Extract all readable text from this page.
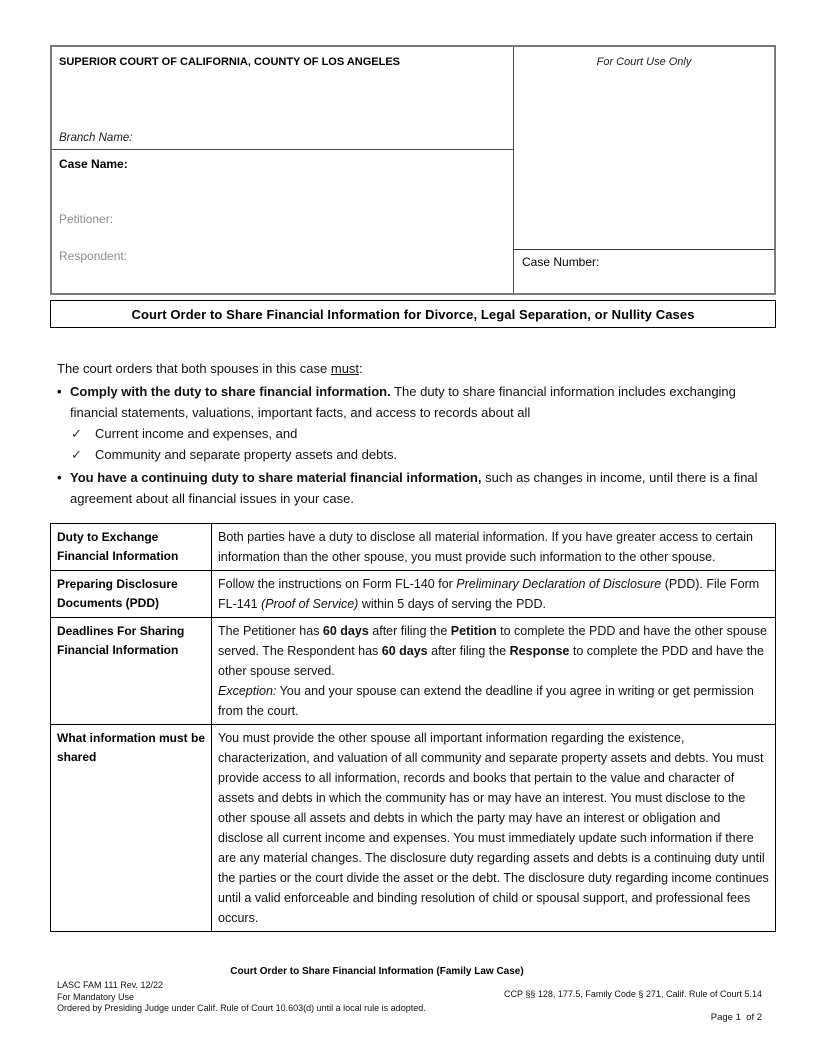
SUPERIOR COURT OF CALIFORNIA, COUNTY OF LOS ANGELES
Branch Name:
Case Name:
Petitioner:
Respondent:
For Court Use Only
Case Number:
Court Order to Share Financial Information for Divorce, Legal Separation, or Nullity Cases
The court orders that both spouses in this case must:
• Comply with the duty to share financial information. The duty to share financial information includes exchanging financial statements, valuations, important facts, and access to records about all
✓	Current income and expenses, and
✓	Community and separate property assets and debts.
• You have a continuing duty to share material financial information, such as changes in income, until there is a final agreement about all financial issues in your case.
Duty to Exchange Financial Information	Both parties have a duty to disclose all material information. If you have greater access to certain information than the other spouse, you must provide such information to the other spouse.

Preparing Disclosure Documents (PDD)	Follow the instructions on Form FL-140 for Preliminary Declaration of Disclosure (PDD). File Form FL-141 (Proof of Service) within 5 days of serving the PDD.

Deadlines For Sharing Financial Information	The Petitioner has 60 days after filing the Petition to complete the PDD and have the other spouse served. The Respondent has 60 days after filing the Response to complete the PDD and have the other spouse served.
Exception: You and your spouse can extend the deadline if you agree in writing or get permission from the court.

What information must be shared	You must provide the other spouse all important information regarding the existence, characterization, and valuation of all community and separate property assets and debts. You must provide access to all information, records and books that pertain to the value and character of assets and debts in which the community has or may have an interest. You must disclose to the other spouse all assets and debts in which the party may have an interest or obligation and disclose all current income and expenses. You must immediately update such information if there are any material changes. The disclosure duty regarding assets and debts is a continuing duty until the parties or the court divide the asset or the debt. The disclosure duty regarding income continues until a valid enforceable and binding resolution of child or spousal support, and professional fees occurs.
Court Order to Share Financial Information (Family Law Case)
LASC FAM 111 Rev. 12/22
For Mandatory Use
Ordered by Presiding Judge under Calif. Rule of Court 10.603(d) until a local rule is adopted.
CCP §§ 128, 177.5, Family Code § 271, Calif. Rule of Court 5.14
Page 1  of 2
